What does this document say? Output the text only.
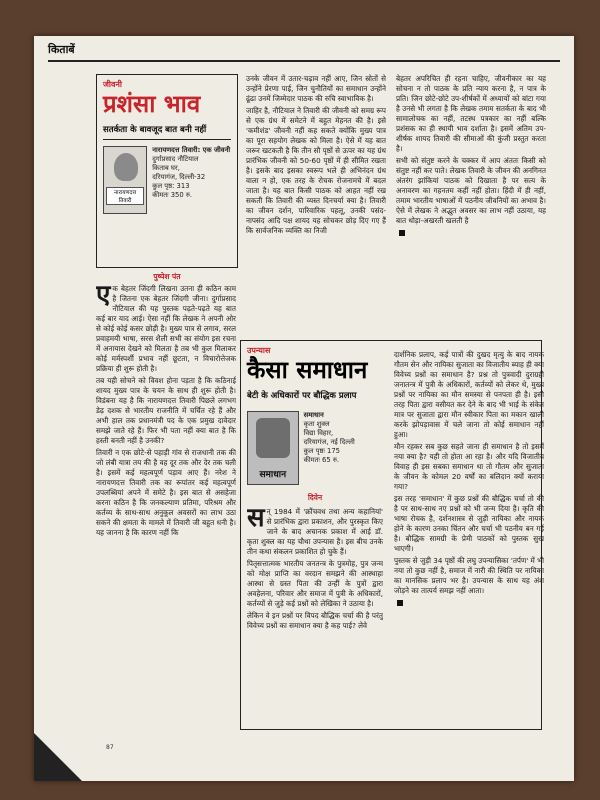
किताबें
जीवनी
प्रशंसा भाव
सतर्कता के बावजूद बात बनी नहीं
नारायणदत्त तिवारी
नारायणदत्त तिवारी: एक जीवनी
दुर्गाप्रसाद नौटियाल
किताब घर,
दरियागंज, दिल्ली-32
कुल पृष्ठ: 313
कीमतः 350 रु.
पुष्पेश पंत
ए क बेहतर जिंदगी लिखना उतना ही कठिन काम है जितना एक बेहतर जिंदगी जीना। दुर्गाप्रसाद नौटियाल की यह पुस्तक पढ़ते-पढ़ते यह बात कई बार याद आई। ऐसा नहीं कि लेखक ने अपनी ओर से कोई कोई कसर छोड़ी है। मुख्य पात्र से लगाव, सरल प्रवाहमयी भाषा, सरस शैली सभी का संयोग इस रचना में अनायास देखने को मिलता है तब भी कुल मिलाकर कोई मर्मस्पर्शी प्रभाव नहीं छूटता, न विचारोत्तेजक प्रक्रिया ही शुरू होती है।

तब यही सोचने को विवश होना पड़ता है कि कठिनाई शायद मुख्य पात्र के चयन के साथ ही शुरू होती है। विडंबना यह है कि नारायणदत्त तिवारी पिछले लगभग डेढ़ दशक से भारतीय राजनीति में चर्चित रहे हैं और अभी हाल तक प्रधानमंत्री पद के एक प्रमुख दावेदार समझे जाते रहे हैं। फिर भी पता नहीं क्या बात है कि हस्ती बनती नहीं है उनकी?

तिवारी न एक छोटे-से पहाड़ी गांव से राजधानी तक की जो लंबी यात्रा तय की है वह दूर तक और देर तक चली है। इसमें कई महत्वपूर्ण पड़ाव आए हैं। नरेश ने नारायणदत्त तिवारी तक का रूपांतर कई महत्वपूर्ण उपलब्धियां अपने में समेटे है। इस बात से असहेजा करना कठिन है कि जनकल्याण प्रतिमा, परिश्रम और कर्तव्य के साथ-साथ अनुकूल अवसरों का लाभ उठा सकने की क्षमता के मामले में तिवारी जी बहुत धनी है। यह जानना है कि कारण नहीं कि

उनके जीवन में उतार-चढ़ाव नहीं आए, जिन स्रोतों से उन्होंने प्रेरणा पाई, जिन चुनौतियों का समाधान उन्होंने ढूंढा उनमें जिम्मेदार पाठक की रुचि स्वाभाविक है।

जाहिर है, नौटियाल ने तिवारी की जीवनी को समग्र रूप से एक ग्रंथ में समेटने में बहुत मेहनत की है। इसे 'कमीशंड' जीवनी नहीं कह सकते क्योंकि मुख्य पात्र का पूरा सहयोग लेखक को मिला है। ऐसे में यह बात जरूर खटकती है कि तीन सौ पृष्ठों से ऊपर का यह ग्रंथ प्रारंभिक जीवनी को 50-60 पृष्ठों में ही सीमित रखता है। इसके बाद इसका स्वरूप भले ही अभिनंदन ग्रंथ वाला न हो, एक तरह के रोचक रोजनामचे में बदल जाता है। यह बात किसी पाठक को आहत नहीं रख सकती कि तिवारी की व्यस्त दिनचर्या क्या है। तिवारी का जीवन दर्शन, पारिवारिक पहलू, उनकी पसंद-नापसंद आदि पक्ष शायद यह सोचकर छोड़ दिए गए हैं कि सार्वजनिक व्यक्ति का निजी

बेहतर अपरिचित ही रहना चाहिए, जीवनीकार का यह सोचना न तो पाठक के प्रति न्याय करना है, न पात्र के प्रति। जिन छोटे-छोटे उप-शीर्षकों में अध्यायों को बांटा गया है उनसे भी लगता है कि लेखक तमाम सतर्कता के बाद भी सामालोचक का नहीं, तटस्थ पत्रकार का नहीं बल्कि प्रशंसक का ही स्थायी भाव दर्शाता है। इसमें अतिम उप-शीर्षक शायद तिवारी की सीमाओं की कुंजी प्रस्तुत करता है।

सभी को संतुष्ट करने के चक्कर में आप अंततः किसी को संतुष्ट नहीं कर पाते। लेखक तिवारी के जीवन की अनगिनत अंतरंग झांकियां पाठक को दिखाता है पर सत्य के अनावरण का गहनतम कहीं नहीं होता। हिंदी में ही नहीं, तमाम भारतीय भाषाओं में पठनीय जीवनियों का अभाव है। ऐसे में लेखक ने अद्भुत अवसर का लाभ नहीं उठाया, यह बात थोड़ा-अखरती खलती है

उपन्यास
कैसा समाधान
बेटी के अधिकारों पर बौद्धिक प्रलाप
समाधान
समाधान
कृता शुक्ल
विद्या विहार,
दरियागंज, नई दिल्ली
कुल पृष्ठः 175
कीमतः 65 रु.
दिवेन
स न् 1984 में 'क्रौंचवध तथा अन्य कहानियां' से प्रारंभिक द्वारा प्रकाशन, और पुरस्कृत किए जाने के बाद अचानक प्रकाश में आई डॉ. कृता शुक्ल का यह चौथा उपन्यास है। इस बीच उनके तीन कथा संकलन प्रकाशित हो चुके हैं।

पितृसत्तात्मक भारतीय जनतन्त्र के पुत्रमोह, पुत्र जन्म को मोक्ष प्राप्ति का वरदान समझने की आस्थाहा आस्था से ग्रस्त पिता की उन्हीं के पुत्रों द्वारा अवहेलना, परिवार और समाज में पुत्री के अधिकारों, कर्तव्यों से जुड़े कई प्रश्नों को लेखिका ने उठाया है।

लेकिन वे इन प्रश्नों पर विपद बौद्धिक चर्चा की है परंतु विवेच्य प्रश्नों का समाधान क्या है कह पाई? लेवे

दार्शनिक प्रलाप, कई पात्रों की दुखद मृत्यु के बाद नायक गौतम सेन और नायिका सुजाता का विजातीय ब्याह ही क्या विवेच्य प्रश्नों का समाधान है? प्रश्न तो पुत्रवादी दुराग्रही जनातन्त्र में पुत्री के अधिकारों, कर्तव्यों को लेकर थे, मुख्य प्रश्नों पर नायिका का मौन समस्या से पनपता ही है। इसी तरह पिता द्वारा वसीयत कर देने के बाद भी भाई के संकेत मात्र पर सुजाता द्वारा मौन स्वीकार पिता का मकान खाली करके झोपड़ावास में चले जाना तो कोई समाधान नहीं हुआ।

मौन रहकर सब कुछ सहते जाना ही समाधान है तो इसमें नया क्या है? यही तो होता आ रहा है। और यदि विजातीय विवाह ही इस सबका समाधान था तो गौतम और सुजाता के जीवन के कोमल 20 वर्षों का बलिदान क्यों कराया गया?

इस तरह 'समाधान' में कुछ प्रश्नों की बौद्धिक चर्चा तो की है पर साथ-साथ नए प्रश्नों को भी जन्म दिया है। कृति की भाषा रोचक है, दर्शनशास्त्र से जुड़ी नायिका और नायक होने के कारण उनका चिंतन और चर्चा भी पठनीय बन गई है। बौद्धिक सामग्री के प्रेमी पाठकों को पुस्तक सुख भाएगी।

पुस्तक से जुड़ी 34 पृष्ठों की लघु उपन्यासिका 'तर्पण' में भी नया तो कुछ नहीं है, समाज में नारी की स्थिति पर नायिका का मानसिक प्रलाप भर है। उपन्यास के साथ यह अंश जोड़ने का तात्पर्य समझ नहीं आता।

87
